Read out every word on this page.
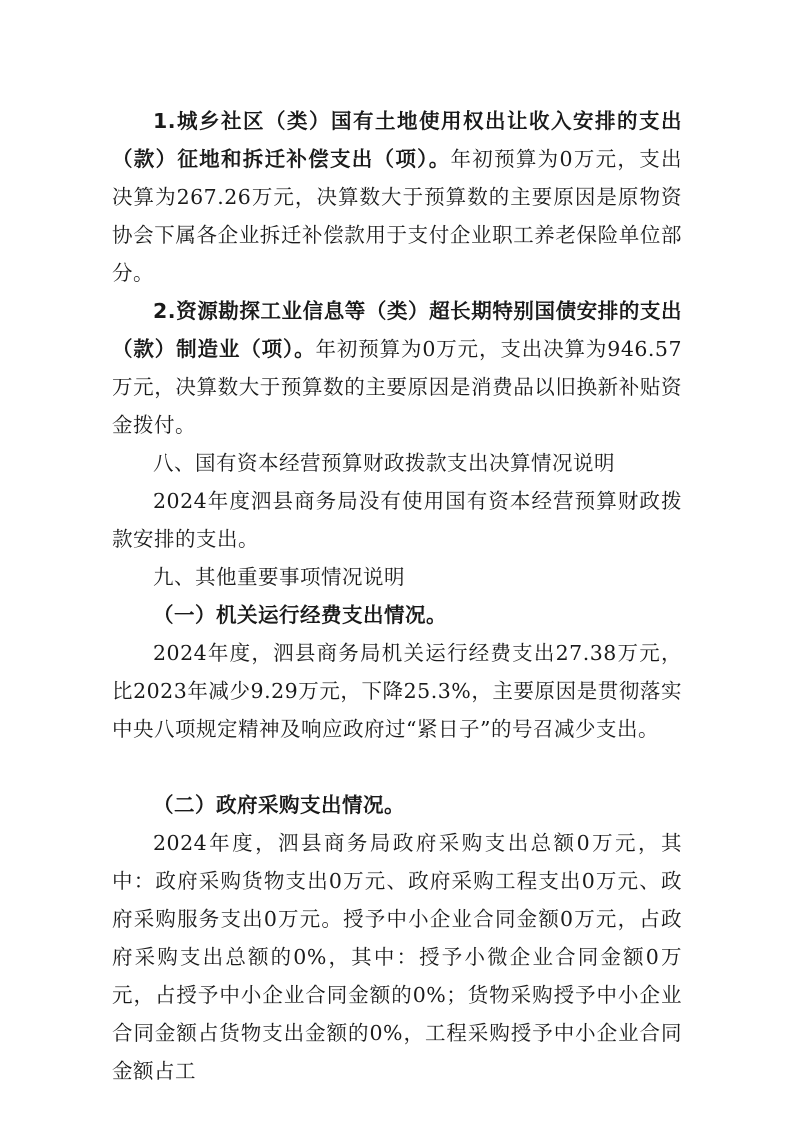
1.城乡社区（类）国有土地使用权出让收入安排的支出（款）征地和拆迁补偿支出（项）。年初预算为0万元，支出决算为267.26万元，决算数大于预算数的主要原因是原物资协会下属各企业拆迁补偿款用于支付企业职工养老保险单位部分。

2.资源勘探工业信息等（类）超长期特别国债安排的支出（款）制造业（项）。年初预算为0万元，支出决算为946.57万元，决算数大于预算数的主要原因是消费品以旧换新补贴资金拨付。

八、国有资本经营预算财政拨款支出决算情况说明

2024年度泗县商务局没有使用国有资本经营预算财政拨款安排的支出。

九、其他重要事项情况说明

（一）机关运行经费支出情况。

2024年度，泗县商务局机关运行经费支出27.38万元，比2023年减少9.29万元，下降25.3%，主要原因是贯彻落实中央八项规定精神及响应政府过“紧日子”的号召减少支出。

（二）政府采购支出情况。

2024年度，泗县商务局政府采购支出总额0万元，其中：政府采购货物支出0万元、政府采购工程支出0万元、政府采购服务支出0万元。授予中小企业合同金额0万元，占政府采购支出总额的0%，其中：授予小微企业合同金额0万元，占授予中小企业合同金额的0%；货物采购授予中小企业合同金额占货物支出金额的0%，工程采购授予中小企业合同金额占工
